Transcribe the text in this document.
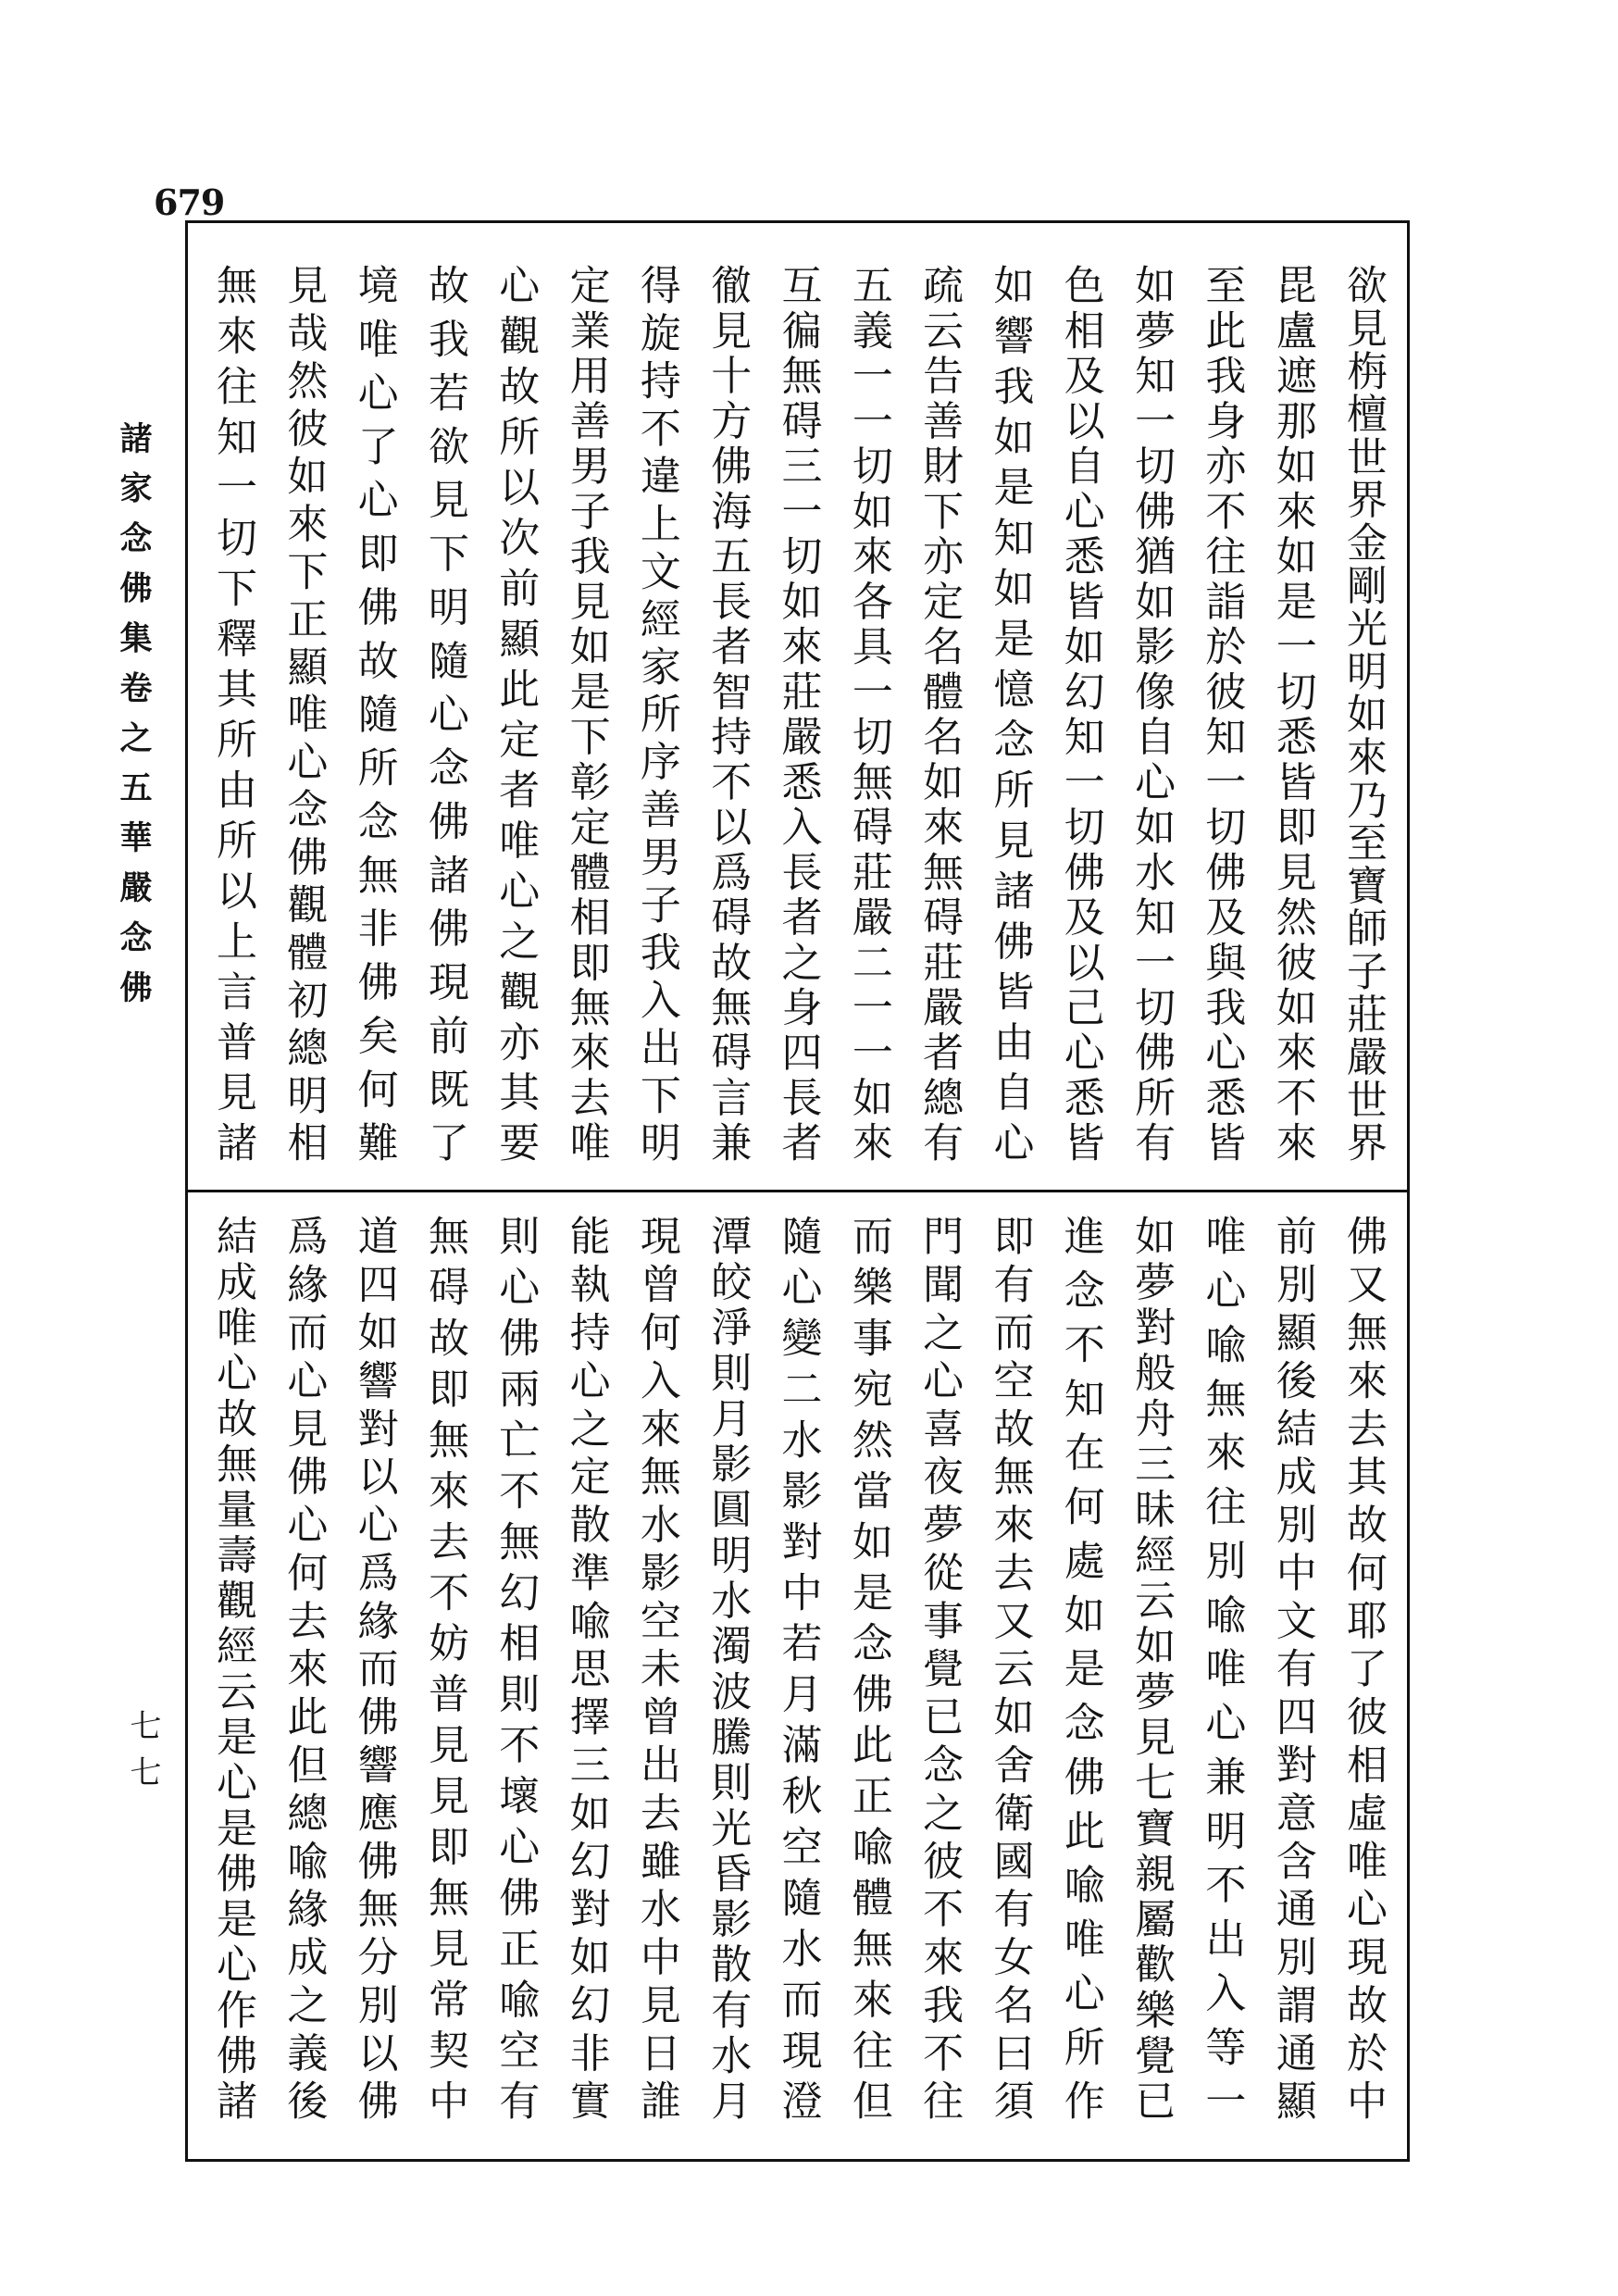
679
諸家念佛集卷之五華嚴念佛
七七
欲見栴檀世界金剛光明如來乃至寶師子莊嚴世界
毘盧遮那如來如是一切悉皆即見然彼如來不來
至此我身亦不往詣於彼知一切佛及與我心悉皆
如夢知一切佛猶如影像自心如水知一切佛所有
色相及以自心悉皆如幻知一切佛及以己心悉皆
如響我如是知如是憶念所見諸佛皆由自心
疏云告善財下亦定名體名如來無碍莊嚴者總有
五義一一切如來各具一切無碍莊嚴二一一如來
互徧無碍三一切如來莊嚴悉入長者之身四長者
徹見十方佛海五長者智持不以爲碍故無碍言兼
得旋持不違上文經家所序善男子我入出下明
定業用善男子我見如是下彰定體相即無來去唯
心觀故所以次前顯此定者唯心之觀亦其要
故我若欲見下明隨心念佛諸佛現前既了
境唯心了心即佛故隨所念無非佛矣何難
見哉然彼如來下正顯唯心念佛觀體初總明相
無來往知一切下釋其所由所以上言普見諸
佛又無來去其故何耶了彼相虛唯心現故於中
前別顯後結成別中文有四對意含通別謂通顯
唯心喩無來往別喩唯心兼明不出入等一
如夢對般舟三昧經云如夢見七寶親屬歡樂覺已
進念不知在何處如是念佛此喩唯心所作
即有而空故無來去又云如舍衛國有女名曰須
門聞之心喜夜夢從事覺已念之彼不來我不往
而樂事宛然當如是念佛此正喩體無來往但
隨心變二水影對中若月滿秋空隨水而現澄
潭皎淨則月影圓明水濁波騰則光昏影散有水月
現曾何入來無水影空未曾出去雖水中見日誰
能執持心之定散準喩思擇三如幻對如幻非實
則心佛兩亡不無幻相則不壞心佛正喩空有
無碍故即無來去不妨普見見即無見常契中
道四如響對以心爲緣而佛響應佛無分別以佛
爲緣而心見佛心何去來此但總喩緣成之義後
結成唯心故無量壽觀經云是心是佛是心作佛諸
